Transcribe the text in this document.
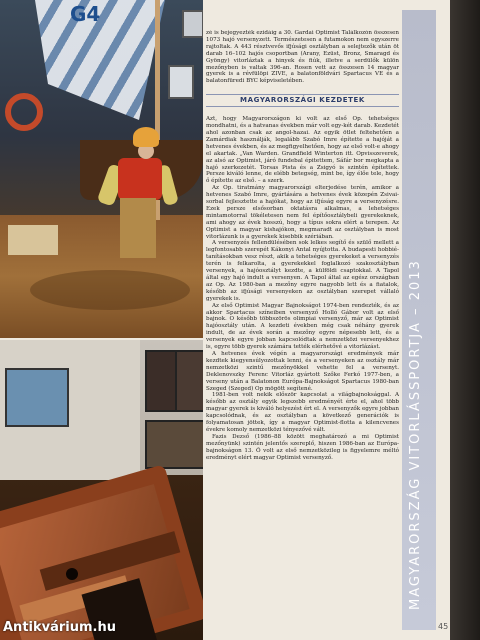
G4
Antikvárium.hu

zé is bejegyezték ezidáig a 30. Gardai Optimist Találkozón összesen 1073 hajó versenyzett. Természetesen a futamokon nem egyszerre rajtoltak. A 443 résztvevős ifjúsági osztályban a selejtezők után öt darab 16–102 hajós csoportban (Arany, Ezüst, Bronz, Smaragd és Gyöngy) vitorláztak a hinyek és fiúk, illetve a serdülők külön mezőnyben is valtak 396-an. Rosen vett az összesen 14 magyar gyerek is a révfülöpi ZIVE, a balatonföldvári Spartacus VE és a balatonfüredi BYC képviseletében.

MAGYARORSZÁGI KEZDETEK

Azt, hogy Magyarországon ki volt az első Op. tehetséges mondhatni, és a hatvanas években már volt egy-két darab. Kezdetét ahol azonban csak az angol-hazai. Az egyik ötlet feltehetően a Zamárdiak használják, legalább Szabó Imre építette a hajóját a hetvenes években, és az megfigyelhetően, hogy az első volt-e ahogy el akartak. „Van Warden. Grandfield Winterton itt. Opvisszeverek, az alsó az Optimist, járó fundebal épitettem, Sáfár bor megkapta a hajó szerkezetét. Torsas Pista és a Zsigyó is szintén építettek. Persze kiváló lenne, de elébb betegség, mint be, így élőe tele, hogy ő építette az első. – a szerk.

Az Op. tiratmány magyarországi elterjedése terén, amikor a hetvenes Szabó Imre, gyártására a hetvenes évek közepén Zsivai-sorbal fejlesztette a hajókat, hogy az ifjúság egyre a versenyzésre. Ezek persze elsősorban oktatásra alkalmas, a lehetséges mintamotorral tökéletesen nem fel építőosztálybeli gyerekeknek, ami ahogy az évek hosszú, hogy a típus sokra elért a terepen. Az Optimist a magyar kishajókon, megmaradt az osztályban is most vitorlázunk is a gyerekek kisebbik szériában.

A versenyzés fellendülésében sok lelkes segítő és szülő mellett a legfontosabb szerepét Kákonyi Antal nyújtotta. A budapesti hobbié-tanításokban vesz részt, akik a tehetséges gyerekeket a versenyzés terén is felkarolta, a gyerekekkel foglalkozó szakosztályban versenyek, a hajóosztályt kezdte, a külföldi csaptokkal. A Tapol által egy hajó indult a versenyen. A Tapol által az egész országban az Op. Az 1980-ban a mezőny egyre nagyobb lett és a fiatalok, később az ifjúsági versenyeken az osztályban szerepet vállaló gyerekek is.

Az első Optimist Magyar Bajnokságot 1974-ben rendezték, és az akkor Spartacus színeiben versenyző Holló Gábor volt az első bajnok. O később többszörös olimpiai versenyző, már az Optimist hajóosztály után. A kezdeti években még csak néhány gyerek indult, de az évek során a mezőny egyre népesebb lett, és a versenyek egyre jobban kapcsolódtak a nemzetközi versenyekhez is, egyre több gyerek számára tették elérhetővé a vitorlázást.

A hetvenes évek végén a magyarországi eredmények már kezdtek kiegyensúlyozottak lenni, és a versenyeken az osztály már nemzetközi szintű mezőnyökkel vehette fel a versenyt. Deklenovszky Ferenc Vitorláz gyártott Szőke Ferkó 1977-ben, a verseny után a Balatonon Európa-Bajnokságot Spartacus 1980-ban Szeged (Szeged) Op mögött segítené.

1981-ben volt nekik először kapcsolat a világbajnoksággal. A később az osztály egyik legszebb eredményét érte el, ahol több magyar gyerek is kiváló helyezést ért el. A versenyzők egyre jobban kapcsolódnak, és az osztályban a következő generációk is folyamatosan jöttek, így a magyar Optimist-flotta a kilencvenes évekre komoly nemzetközi tényezővé vált.

Fazis Dezső (1986–88 között meghatározó a mi Optimist mezőnyünk) szintén jelentős szereplő, hiszen 1986-ban az Európa-bajnokságon 13. Ő volt az első nemzetközileg is figyelemre méltó eredményt elért magyar Optimist versenyző.	MAGYARORSZÁG VITORLÁSSPORTJA – 2013
45
